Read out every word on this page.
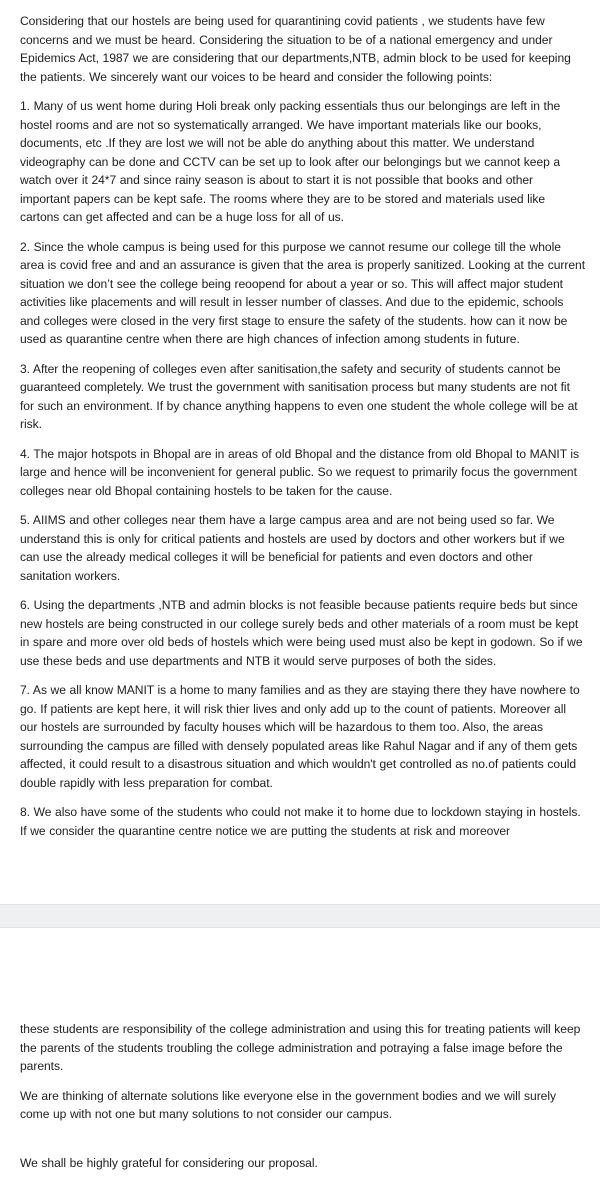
Considering that our hostels are being used for quarantining covid patients , we students have few concerns and we must be heard. Considering the situation to be of a national emergency and under Epidemics Act, 1987 we are considering that our departments,NTB, admin block to be used for keeping the patients. We sincerely want our voices to be heard and consider the following points:

1. Many of us went home during Holi break only packing essentials thus our belongings are left in the hostel rooms and are not so systematically arranged. We have important materials like our books, documents, etc .If they are lost we will not be able do anything about this matter. We understand videography can be done and CCTV can be set up to look after our belongings but we cannot keep a watch over it 24*7 and since rainy season is about to start it is not possible that books and other important papers can be kept safe. The rooms where they are to be stored and materials used like cartons can get affected and can be a huge loss for all of us.

2. Since the whole campus is being used for this purpose we cannot resume our college till the whole area is covid free and and an assurance is given that the area is properly sanitized. Looking at the current situation we don’t see the college being reoopend for about a year or so. This will affect major student activities like placements and will result in lesser number of classes. And due to the epidemic, schools and colleges were closed in the very first stage to ensure the safety of the students. how can it now be used as quarantine centre when there are high chances of infection among students in future.

3. After the reopening of colleges even after sanitisation,the safety and security of students cannot be guaranteed completely. We trust the government with sanitisation process but many students are not fit for such an environment. If by chance anything happens to even one student the whole college will be at risk.

4. The major hotspots in Bhopal are in areas of old Bhopal and the distance from old Bhopal to MANIT is large and hence will be inconvenient for general public. So we request to primarily focus the government colleges near old Bhopal containing hostels to be taken for the cause.

5. AIIMS and other colleges near them have a large campus area and are not being used so far. We understand this is only for critical patients and hostels are used by doctors and other workers but if we can use the already medical colleges it will be beneficial for patients and even doctors and other sanitation workers.

6. Using the departments ,NTB and admin blocks is not feasible because patients require beds but since new hostels are being constructed in our college surely beds and other materials of a room must be kept in spare and more over old beds of hostels which were being used must also be kept in godown. So if we use these beds and use departments and NTB it would serve purposes of both the sides.

7. As we all know MANIT is a home to many families and as they are staying there they have nowhere to go. If patients are kept here, it will risk thier lives and only add up to the count of patients. Moreover all our hostels are surrounded by faculty houses which will be hazardous to them too. Also, the areas surrounding the campus are filled with densely populated areas like Rahul Nagar and if any of them gets affected, it could result to a disastrous situation and which wouldn't get controlled as no.of patients could double rapidly with less preparation for combat.

8. We also have some of the students who could not make it to home due to lockdown staying in hostels. If we consider the quarantine centre notice we are putting the students at risk and moreover

these students are responsibility of the college administration and using this for treating patients will keep the parents of the students troubling the college administration and potraying a false image before the parents.

We are thinking of alternate solutions like everyone else in the government bodies and we will surely come up with not one but many solutions to not consider our campus.

We shall be highly grateful for considering our proposal.
